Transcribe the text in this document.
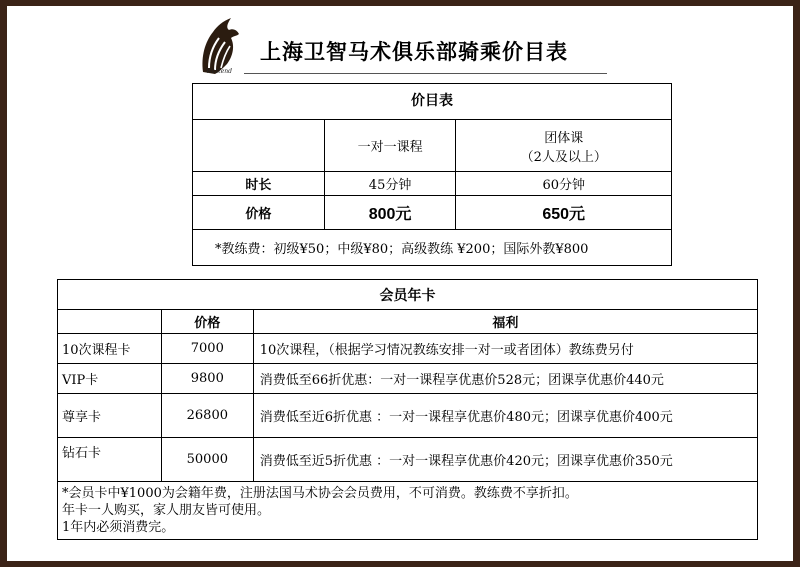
Westend
上海卫智马术俱乐部骑乘价目表
价目表		
	一对一课程	团体课
（2人及以上）

时长	45分钟	60分钟
价格	800元	650元
*教练费：初级¥50；中级¥80；高级教练 ¥200；国际外教¥800		
会员年卡		
	价格	福利
10次课程卡	7000	10次课程，（根据学习情况教练安排一对一或者团体）教练费另付
VIP卡	9800	消费低至66折优惠：一对一课程享优惠价528元；团课享优惠价440元
尊享卡	26800	消费低至近6折优惠 ：一对一课程享优惠价480元；团课享优惠价400元
钻石卡	50000	消费低至近5折优惠 ：一对一课程享优惠价420元；团课享优惠价350元

*会员卡中¥1000为会籍年费，注册法国马术协会会员费用，不可消费。教练费不享折扣。
年卡一人购买，家人朋友皆可使用。
1年内必须消费完。		
